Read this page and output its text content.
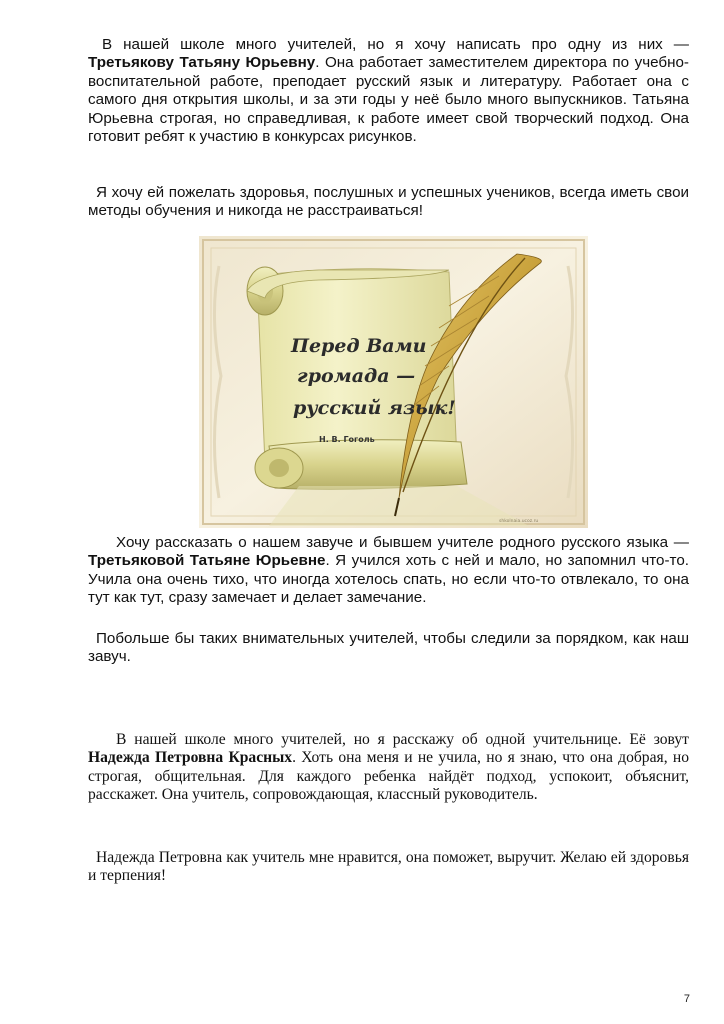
В нашей школе много учителей, но я хочу написать про одну из них — Третьякову Татьяну Юрьевну. Она работает заместителем директора по учебно-воспитательной работе, преподает русский язык и литературу. Работает она с самого дня открытия школы, и за эти годы у неё было много выпускников. Татьяна Юрьевна строгая, но справедливая, к работе имеет свой творческий подход. Она готовит ребят к участию в конкурсах рисунков.

Я хочу ей пожелать здоровья, послушных и успешных учеников, всегда иметь свои методы обучения и никогда не расстраиваться!

Перед Вами
громада —
русский язык!
Н. В. Гоголь
shkolnaia.ucoz.ru

Хочу рассказать о нашем завуче и бывшем учителе родного русского языка — Третьяковой Татьяне Юрьевне. Я учился хоть с ней и мало, но запомнил что-то. Учила она очень тихо, что иногда хотелось спать, но если что-то отвлекало, то она тут как тут, сразу замечает и делает замечание.

Побольше бы таких внимательных учителей, чтобы следили за порядком, как наш завуч.

В нашей школе много учителей, но я расскажу об одной учительнице. Её зовут Надежда Петровна Красных. Хоть она меня и не учила, но я знаю, что она добрая, но строгая, общительная. Для каждого ребенка найдёт подход, успокоит, объяснит, расскажет. Она учитель, сопровождающая, классный руководитель.

Надежда Петровна как учитель мне нравится, она поможет, выручит. Желаю ей здоровья и терпения!

7
